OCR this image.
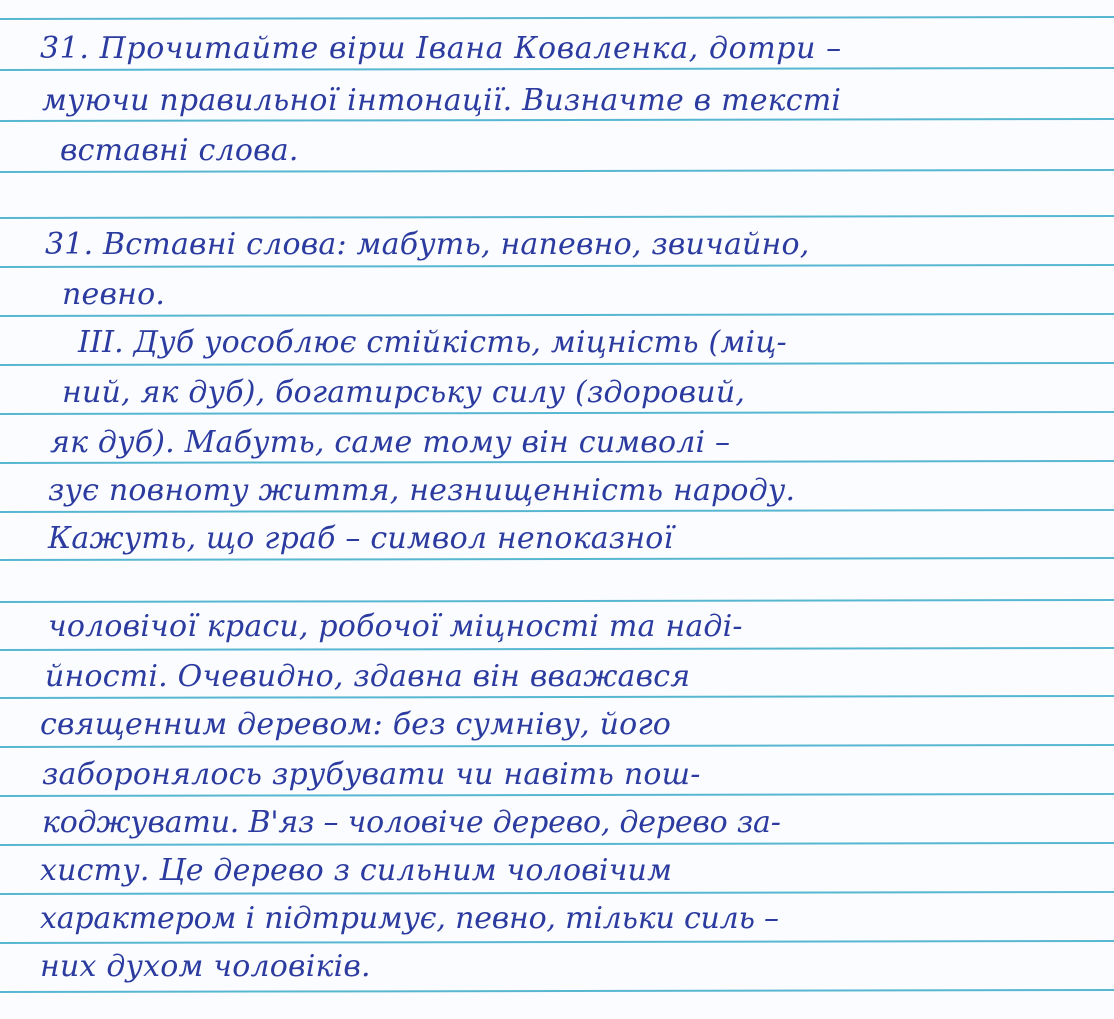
31. Прочитайте вірш Івана Коваленка, дотри –
муючи правильної інтонації. Визначте в тексті
вставні слова.
31. Вставні слова: мабуть, напевно, звичайно,
певно.
ІІІ. Дуб уособлює стійкість, міцність (міц-
ний, як дуб), богатирську силу (здоровий,
як дуб). Мабуть, саме тому він символі –
зує повноту життя, незнищенність народу.
Кажуть, що граб – символ непоказної
чоловічої краси, робочої міцності та наді-
йності. Очевидно, здавна він вважався
священним деревом: без сумніву, його
заборонялось зрубувати чи навіть пош-
коджувати. В'яз – чоловіче дерево, дерево за-
хисту. Це дерево з сильним чоловічим
характером і підтримує, певно, тільки силь –
них духом чоловіків.
